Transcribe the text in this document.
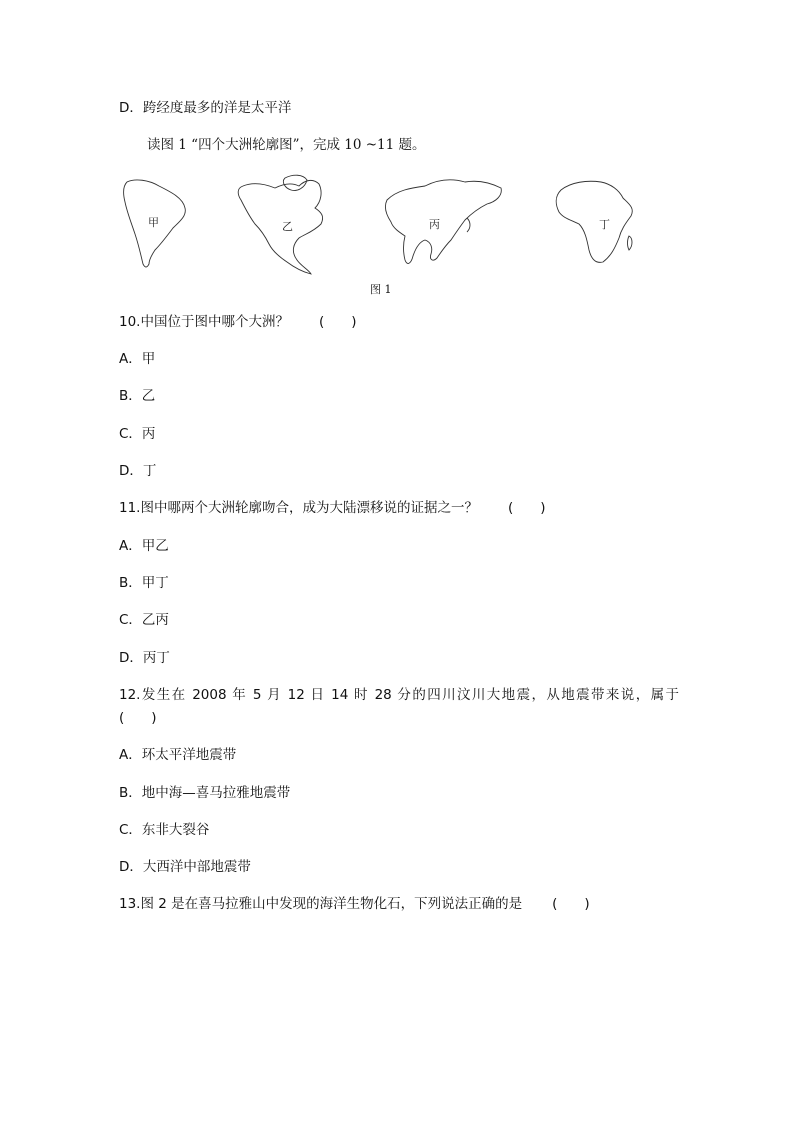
D．跨经度最多的洋是太平洋
读图 1 “四个大洲轮廓图”，完成 10 ~11 题。
甲	乙	丙	丁
图 1
10.中国位于图中哪个大洲？ (　　)
A．甲
B．乙
C．丙
D．丁
11.图中哪两个大洲轮廓吻合，成为大陆漂移说的证据之一？ (　　)
A．甲乙
B．甲丁
C．乙丙
D．丙丁
12.发生在 2008 年 5 月 12 日 14 时 28 分的四川汶川大地震，从地震带来说，属于
(　　)
A．环太平洋地震带
B．地中海—喜马拉雅地震带
C．东非大裂谷
D．大西洋中部地震带
13.图 2 是在喜马拉雅山中发现的海洋生物化石，下列说法正确的是 (　　)
